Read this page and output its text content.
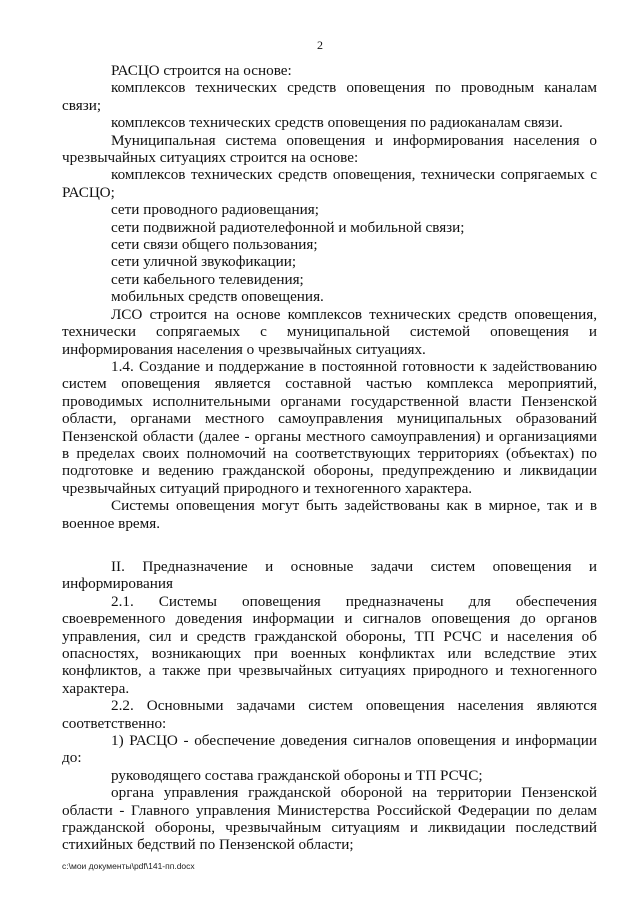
2

РАСЦО строится на основе:

комплексов технических средств оповещения по проводным каналам связи;

комплексов технических средств оповещения по радиоканалам связи.

Муниципальная система оповещения и информирования населения о чрезвычайных ситуациях строится на основе:

комплексов технических средств оповещения, технически сопрягаемых с РАСЦО;

сети проводного радиовещания;

сети подвижной радиотелефонной и мобильной связи;

сети связи общего пользования;

сети уличной звукофикации;

сети кабельного телевидения;

мобильных средств оповещения.

ЛСО строится на основе комплексов технических средств оповещения, технически сопрягаемых с муниципальной системой оповещения и информирования населения о чрезвычайных ситуациях.

1.4. Создание и поддержание в постоянной готовности к задействованию систем оповещения является составной частью комплекса мероприятий, проводимых исполнительными органами государственной власти Пензенской области, органами местного самоуправления муниципальных образований Пензенской области (далее - органы местного самоуправления) и организациями в пределах своих полномочий на соответствующих территориях (объектах) по подготовке и ведению гражданской обороны, предупреждению и ликвидации чрезвычайных ситуаций природного и техногенного характера.

Системы оповещения могут быть задействованы как в мирное, так и в военное время.

II. Предназначение и основные задачи систем оповещения и информирования

2.1. Системы оповещения предназначены для обеспечения своевременного доведения информации и сигналов оповещения до органов управления, сил и средств гражданской обороны, ТП РСЧС и населения об опасностях, возникающих при военных конфликтах или вследствие этих конфликтов, а также при чрезвычайных ситуациях природного и техногенного характера.

2.2. Основными задачами систем оповещения населения являются соответственно:

1) РАСЦО - обеспечение доведения сигналов оповещения и информации до:

руководящего состава гражданской обороны и ТП РСЧС;

органа управления гражданской обороной на территории Пензенской области - Главного управления Министерства Российской Федерации по делам гражданской обороны, чрезвычайным ситуациям и ликвидации последствий стихийных бедствий по Пензенской области;

c:\мои документы\pdf\141-пп.docx
